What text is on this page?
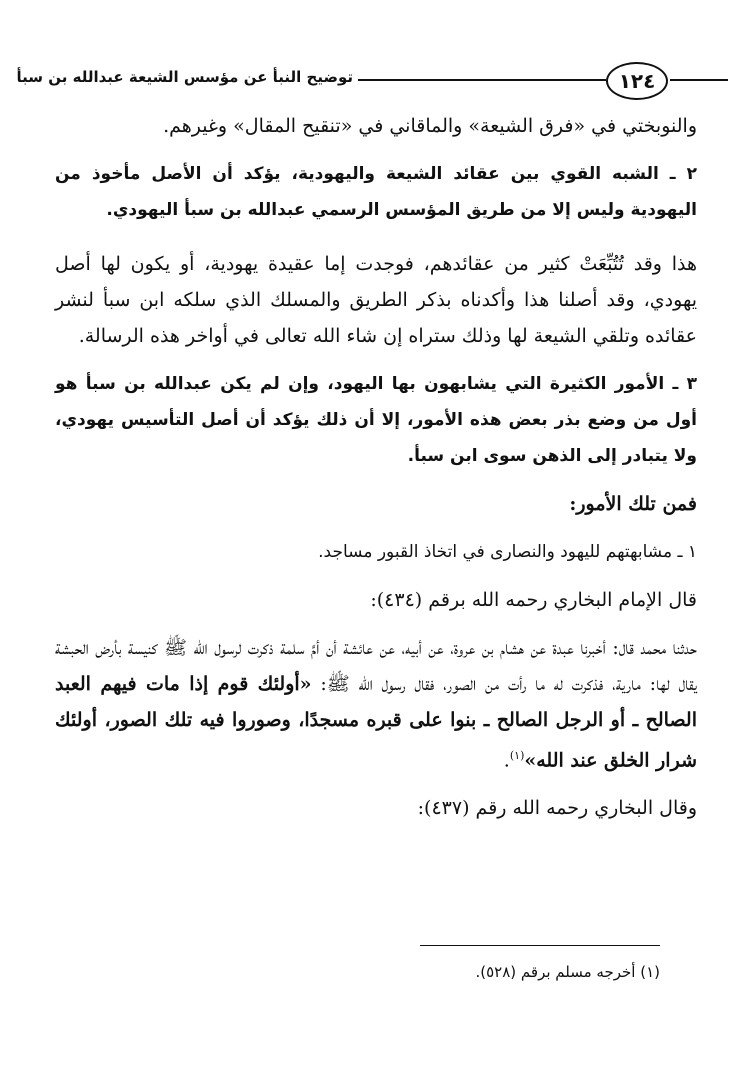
١٢٤
توضيح النبأ عن مؤسس الشيعة عبدالله بن سبأ

والنوبختي في «فرق الشيعة» والماقاني في «تنقيح المقال» وغيرهم.

٢ ـ الشبه القوي بين عقائد الشيعة واليهودية، يؤكد أن الأصل مأخوذ من اليهودية وليس إلا من طريق المؤسس الرسمي عبدالله بن سبأ اليهودي.

هذا وقد تُتُبِّعَتْ كثير من عقائدهم، فوجدت إما عقيدة يهودية، أو يكون لها أصل يهودي، وقد أصلنا هذا وأكدناه بذكر الطريق والمسلك الذي سلكه ابن سبأ لنشر عقائده وتلقي الشيعة لها وذلك ستراه إن شاء الله تعالى في أواخر هذه الرسالة.

٣ ـ الأمور الكثيرة التي يشابهون بها اليهود، وإن لم يكن عبدالله بن سبأ هو أول من وضع بذر بعض هذه الأمور، إلا أن ذلك يؤكد أن أصل التأسيس يهودي، ولا يتبادر إلى الذهن سوى ابن سبأ.

فمن تلك الأمور:

١ ـ مشابهتهم لليهود والنصارى في اتخاذ القبور مساجد.

قال الإمام البخاري رحمه الله برقم (٤٣٤):

حدثنا محمد قال: أخبرنا عبدة عن هشام بن عروة، عن أبيه، عن عائشة أن أمَّ سلمة ذكرت لرسول الله ﷺ كنيسة بأرض الحبشة يقال لها: مارية، فذكرت له ما رأت من الصور، فقال رسول الله ﷺ: «أولئك قوم إذا مات فيهم العبد الصالح ـ أو الرجل الصالح ـ بنوا على قبره مسجدًا، وصوروا فيه تلك الصور، أولئك شرار الخلق عند الله»$^{(١)}$.

وقال البخاري رحمه الله رقم (٤٣٧):

(١) أخرجه مسلم برقم (٥٢٨).
